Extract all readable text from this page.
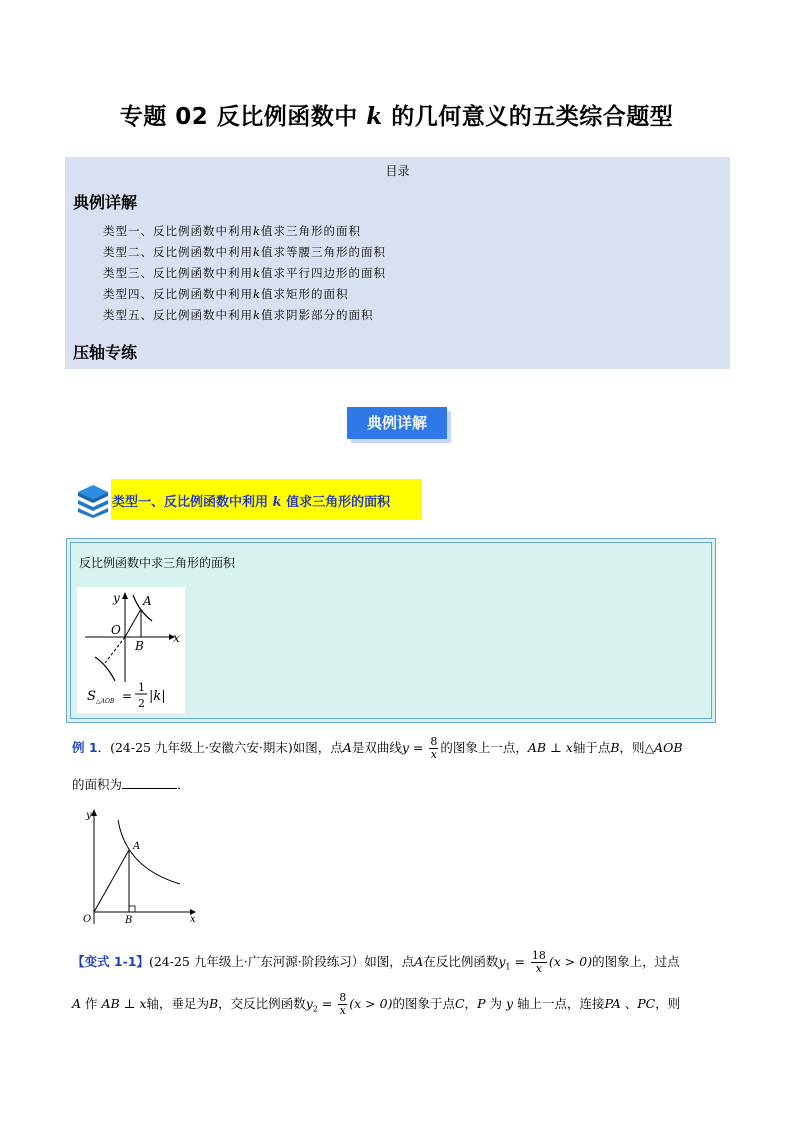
专题 02 反比例函数中 k 的几何意义的五类综合题型
目录
典例详解
类型一、反比例函数中利用k值求三角形的面积
类型二、反比例函数中利用k值求等腰三角形的面积
类型三、反比例函数中利用k值求平行四边形的面积
类型四、反比例函数中利用k值求矩形的面积
类型五、反比例函数中利用k值求阴影部分的面积
压轴专练
典例详解
类型一、反比例函数中利用 k 值求三角形的面积
反比例函数中求三角形的面积
y A
O
x
B
S △AOB =
1
2 |k|
例 1．(24-25 九年级上·安徽六安·期末)如图，点A是双曲线$y = \frac{8}{x}$ 的图象上一点，AB ⊥ x轴于点B，则△AOB
的面积为	．
y
A
O	B	x
【变式 1-1】(24-25 九年级上·广东河源·阶段练习）如图，点A在反比例函数$y_1 = \frac{18}{x} (x > 0)$的图象上，过点
A 作 AB ⊥ x轴，垂足为B，交反比例函数$y_2 = \frac{8}{x} (x > 0)$的图象于点C，P 为 y 轴上一点，连接PA 、PC，则
